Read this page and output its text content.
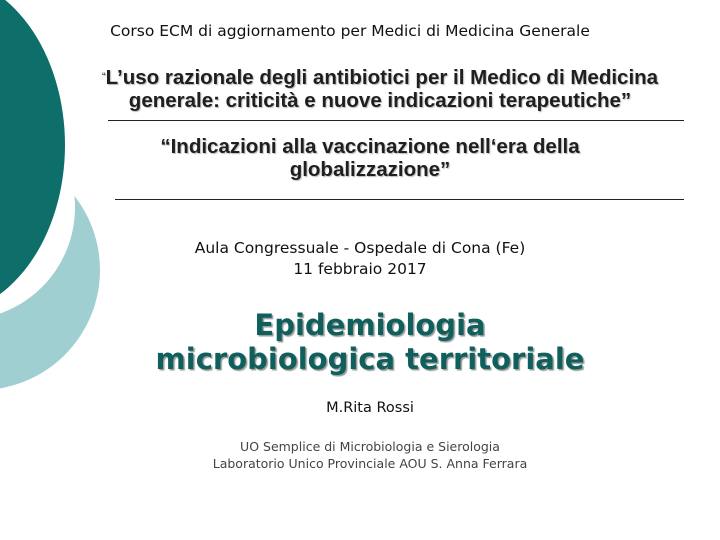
Corso ECM di aggiornamento per Medici di Medicina Generale
“L’uso razionale degli antibiotici per il Medico di Medicina
generale: criticità e nuove indicazioni terapeutiche”
“Indicazioni alla vaccinazione nell‘era della
globalizzazione”
Aula Congressuale - Ospedale di Cona (Fe)
11 febbraio 2017
Epidemiologia
microbiologica territoriale
M.Rita Rossi
UO Semplice di Microbiologia e Sierologia
Laboratorio Unico Provinciale AOU S. Anna Ferrara
